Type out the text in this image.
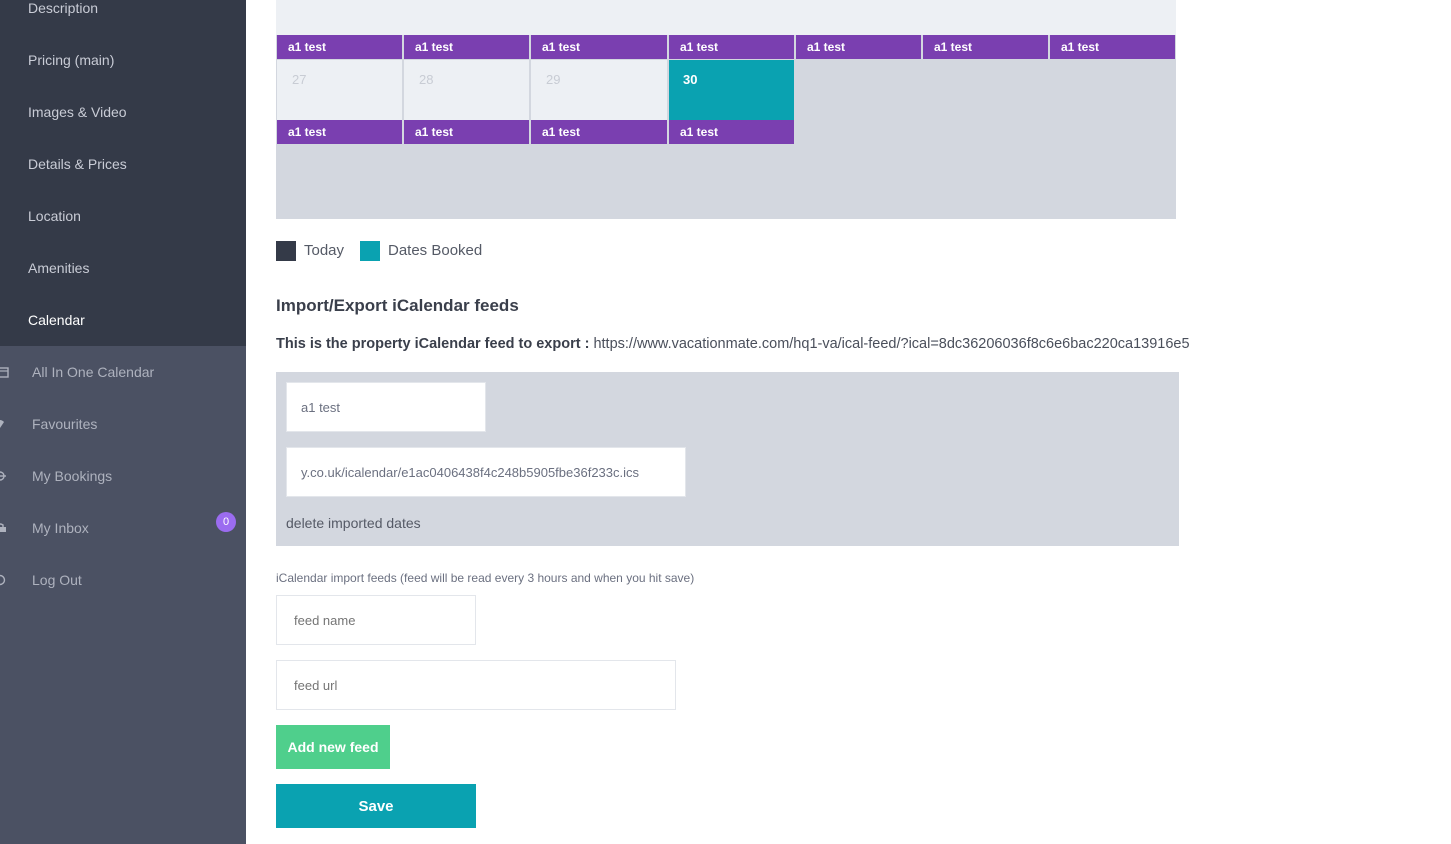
Description
Pricing (main)
Images & Video
Details & Prices
Location
Amenities
Calendar
All In One Calendar
Favourites
My Bookings
My Inbox	0
Log Out
a1 test	a1 test	a1 test	a1 test	a1 test	a1 test	a1 test
27	28	29	30
a1 test	a1 test	a1 test	a1 test
Today	Dates Booked
Import/Export iCalendar feeds
This is the property iCalendar feed to export : https://www.vacationmate.com/hq1-va/ical-feed/?ical=8dc36206036f8c6e6bac220ca13916e5
a1 test
y.co.uk/icalendar/e1ac0406438f4c248b5905fbe36f233c.ics
delete imported dates
iCalendar import feeds (feed will be read every 3 hours and when you hit save)
feed name
feed url
Add new feed
Save
